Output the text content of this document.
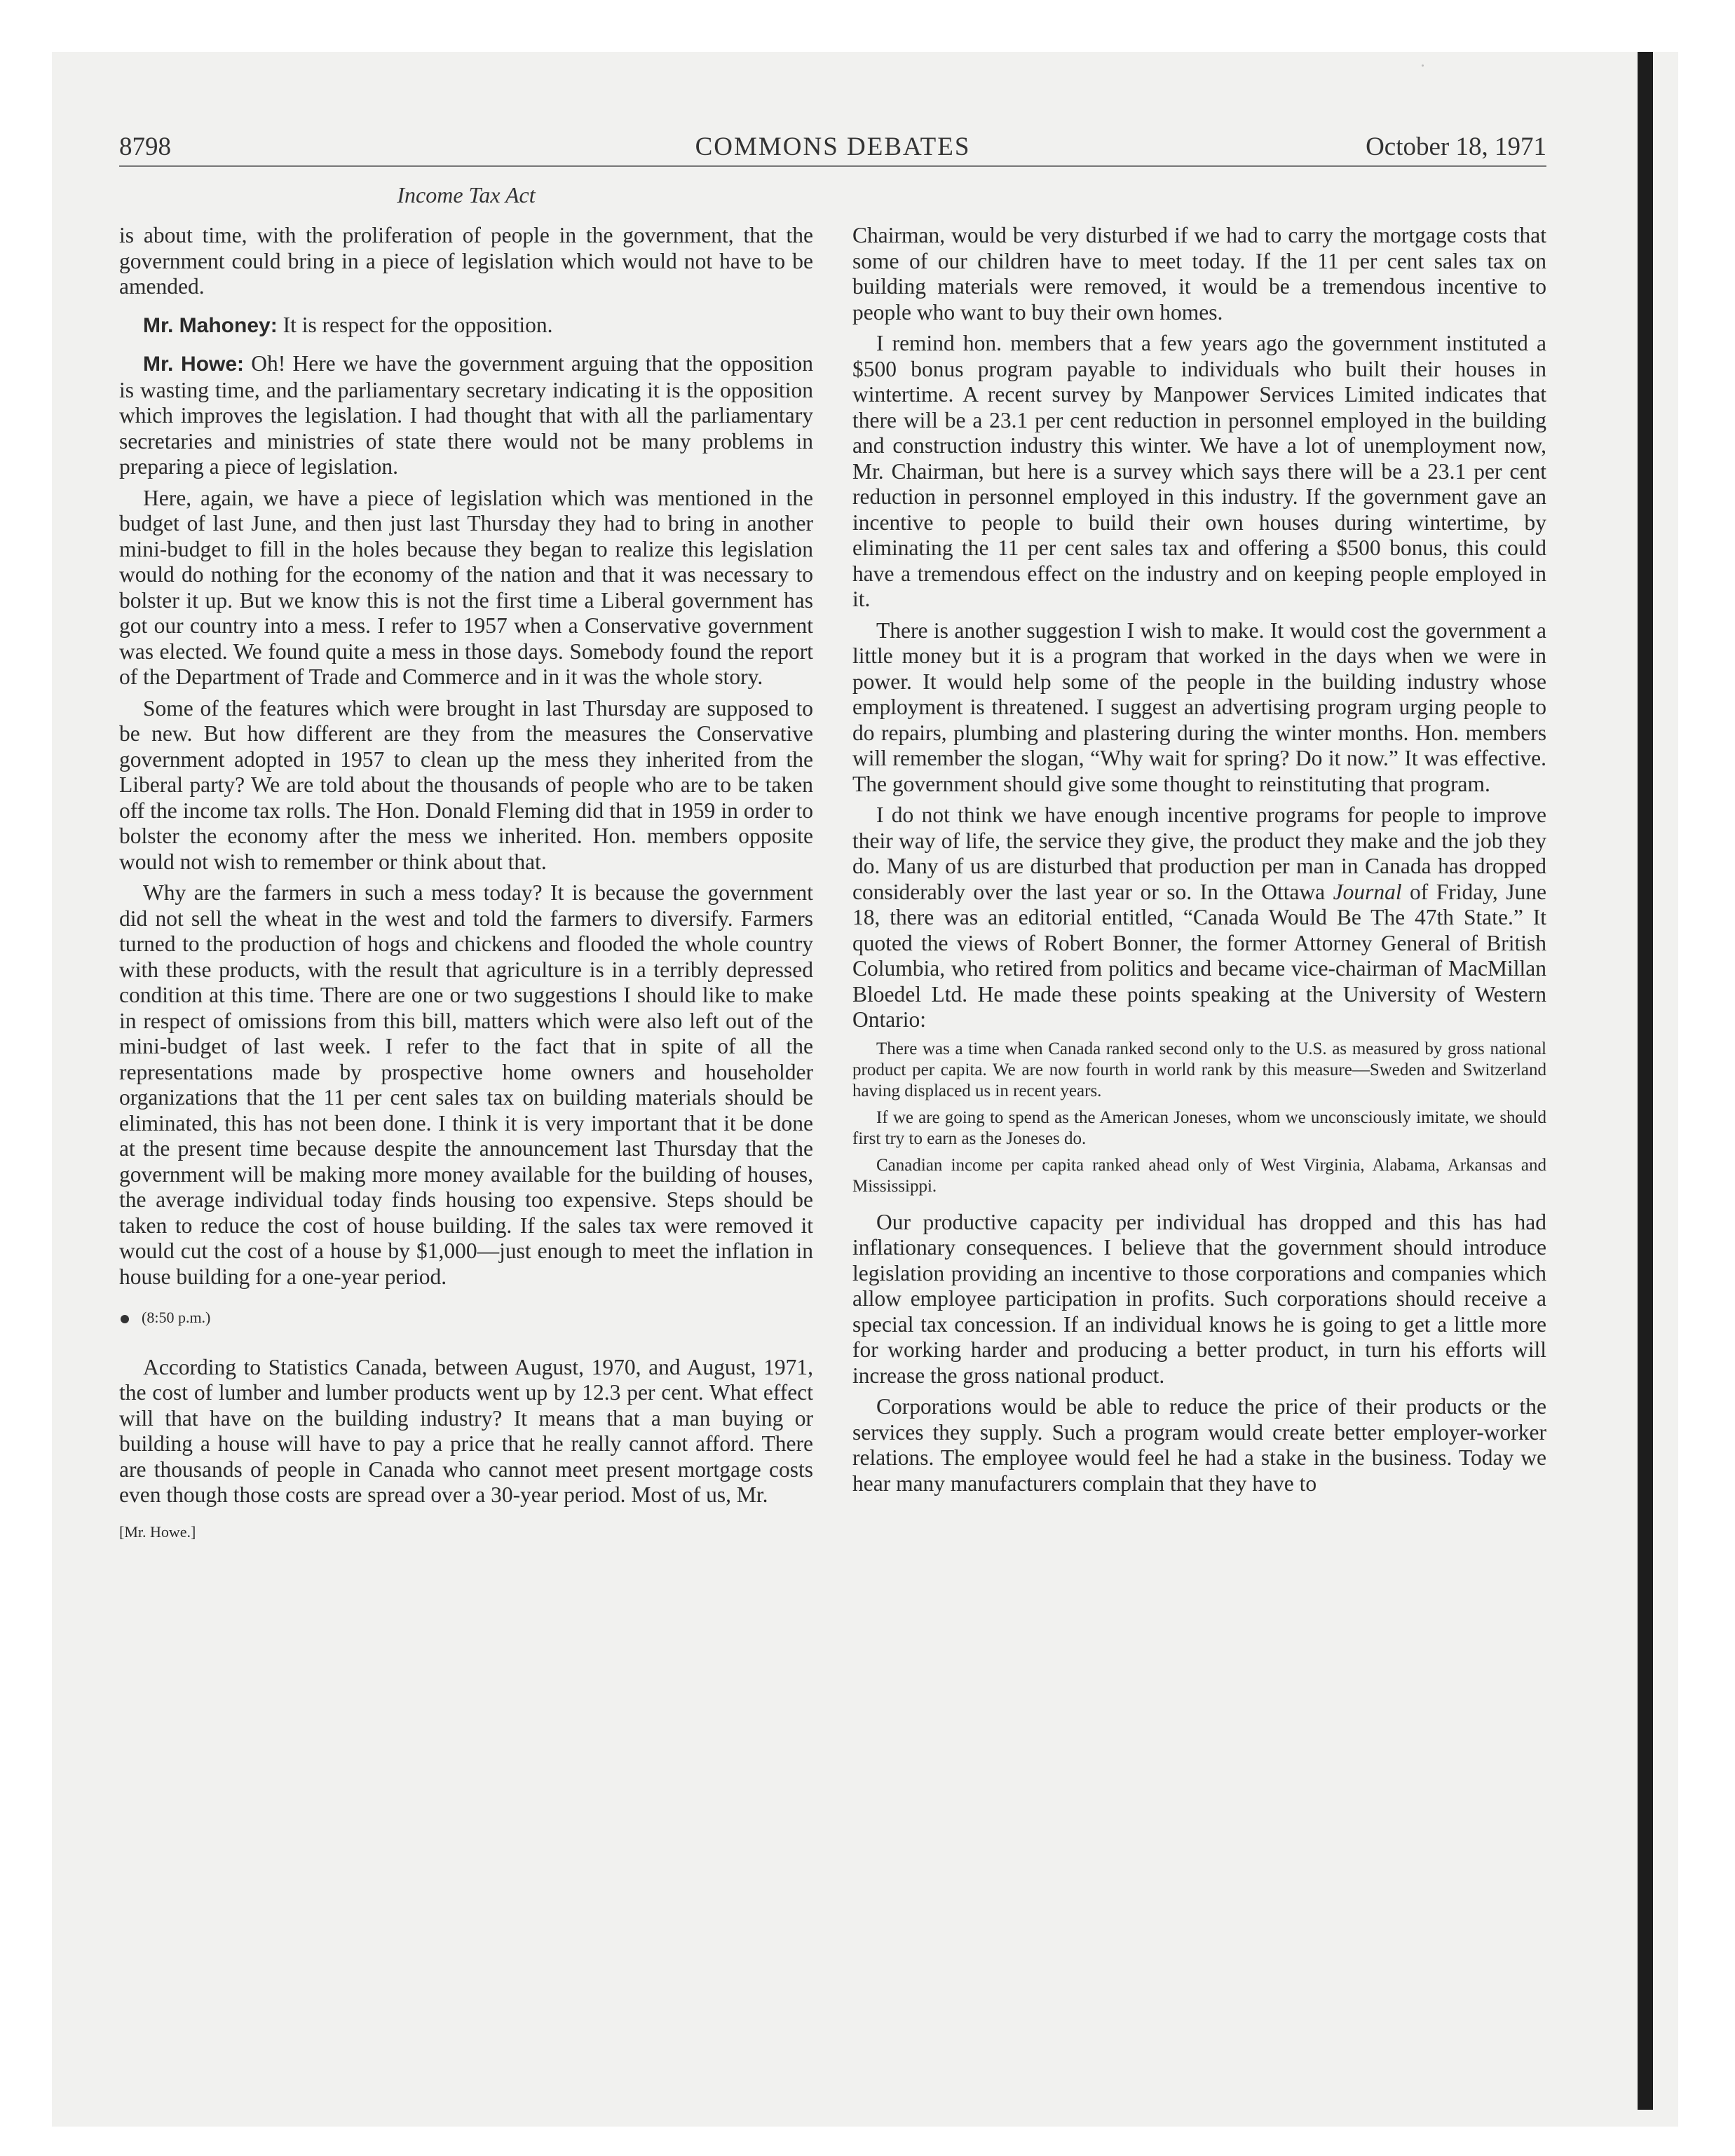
8798	COMMONS DEBATES	October 18, 1971
Income Tax Act

is about time, with the proliferation of people in the government, that the government could bring in a piece of legislation which would not have to be amended.

Mr. Mahoney: It is respect for the opposition.

Mr. Howe: Oh! Here we have the government arguing that the opposition is wasting time, and the parliamentary secretary indicating it is the opposition which improves the legislation. I had thought that with all the parliamentary secretaries and ministries of state there would not be many problems in preparing a piece of legislation.

Here, again, we have a piece of legislation which was mentioned in the budget of last June, and then just last Thursday they had to bring in another mini-budget to fill in the holes because they began to realize this legislation would do nothing for the economy of the nation and that it was necessary to bolster it up. But we know this is not the first time a Liberal government has got our country into a mess. I refer to 1957 when a Conservative government was elected. We found quite a mess in those days. Somebody found the report of the Department of Trade and Commerce and in it was the whole story.

Some of the features which were brought in last Thursday are supposed to be new. But how different are they from the measures the Conservative government adopted in 1957 to clean up the mess they inherited from the Liberal party? We are told about the thousands of people who are to be taken off the income tax rolls. The Hon. Donald Fleming did that in 1959 in order to bolster the economy after the mess we inherited. Hon. members opposite would not wish to remember or think about that.

Why are the farmers in such a mess today? It is because the government did not sell the wheat in the west and told the farmers to diversify. Farmers turned to the production of hogs and chickens and flooded the whole country with these products, with the result that agriculture is in a terribly depressed condition at this time. There are one or two suggestions I should like to make in respect of omissions from this bill, matters which were also left out of the mini-budget of last week. I refer to the fact that in spite of all the representations made by prospective home owners and householder organizations that the 11 per cent sales tax on building materials should be eliminated, this has not been done. I think it is very important that it be done at the present time because despite the announcement last Thursday that the government will be making more money available for the building of houses, the average individual today finds housing too expensive. Steps should be taken to reduce the cost of house building. If the sales tax were removed it would cut the cost of a house by $1,000—just enough to meet the inflation in house building for a one-year period.

(8:50 p.m.)

According to Statistics Canada, between August, 1970, and August, 1971, the cost of lumber and lumber products went up by 12.3 per cent. What effect will that have on the building industry? It means that a man buying or building a house will have to pay a price that he really cannot afford. There are thousands of people in Canada who cannot meet present mortgage costs even though those costs are spread over a 30-year period. Most of us, Mr.

[Mr. Howe.]

Chairman, would be very disturbed if we had to carry the mortgage costs that some of our children have to meet today. If the 11 per cent sales tax on building materials were removed, it would be a tremendous incentive to people who want to buy their own homes.

I remind hon. members that a few years ago the government instituted a $500 bonus program payable to individuals who built their houses in wintertime. A recent survey by Manpower Services Limited indicates that there will be a 23.1 per cent reduction in personnel employed in the building and construction industry this winter. We have a lot of unemployment now, Mr. Chairman, but here is a survey which says there will be a 23.1 per cent reduction in personnel employed in this industry. If the government gave an incentive to people to build their own houses during wintertime, by eliminating the 11 per cent sales tax and offering a $500 bonus, this could have a tremendous effect on the industry and on keeping people employed in it.

There is another suggestion I wish to make. It would cost the government a little money but it is a program that worked in the days when we were in power. It would help some of the people in the building industry whose employment is threatened. I suggest an advertising program urging people to do repairs, plumbing and plastering during the winter months. Hon. members will remember the slogan, “Why wait for spring? Do it now.” It was effective. The government should give some thought to reinstituting that program.

I do not think we have enough incentive programs for people to improve their way of life, the service they give, the product they make and the job they do. Many of us are disturbed that production per man in Canada has dropped considerably over the last year or so. In the Ottawa Journal of Friday, June 18, there was an editorial entitled, “Canada Would Be The 47th State.” It quoted the views of Robert Bonner, the former Attorney General of British Columbia, who retired from politics and became vice-chairman of MacMillan Bloedel Ltd. He made these points speaking at the University of Western Ontario:

There was a time when Canada ranked second only to the U.S. as measured by gross national product per capita. We are now fourth in world rank by this measure—Sweden and Switzerland having displaced us in recent years.

If we are going to spend as the American Joneses, whom we unconsciously imitate, we should first try to earn as the Joneses do.

Canadian income per capita ranked ahead only of West Virginia, Alabama, Arkansas and Mississippi.

Our productive capacity per individual has dropped and this has had inflationary consequences. I believe that the government should introduce legislation providing an incentive to those corporations and companies which allow employee participation in profits. Such corporations should receive a special tax concession. If an individual knows he is going to get a little more for working harder and producing a better product, in turn his efforts will increase the gross national product.

Corporations would be able to reduce the price of their products or the services they supply. Such a program would create better employer-worker relations. The employee would feel he had a stake in the business. Today we hear many manufacturers complain that they have to
